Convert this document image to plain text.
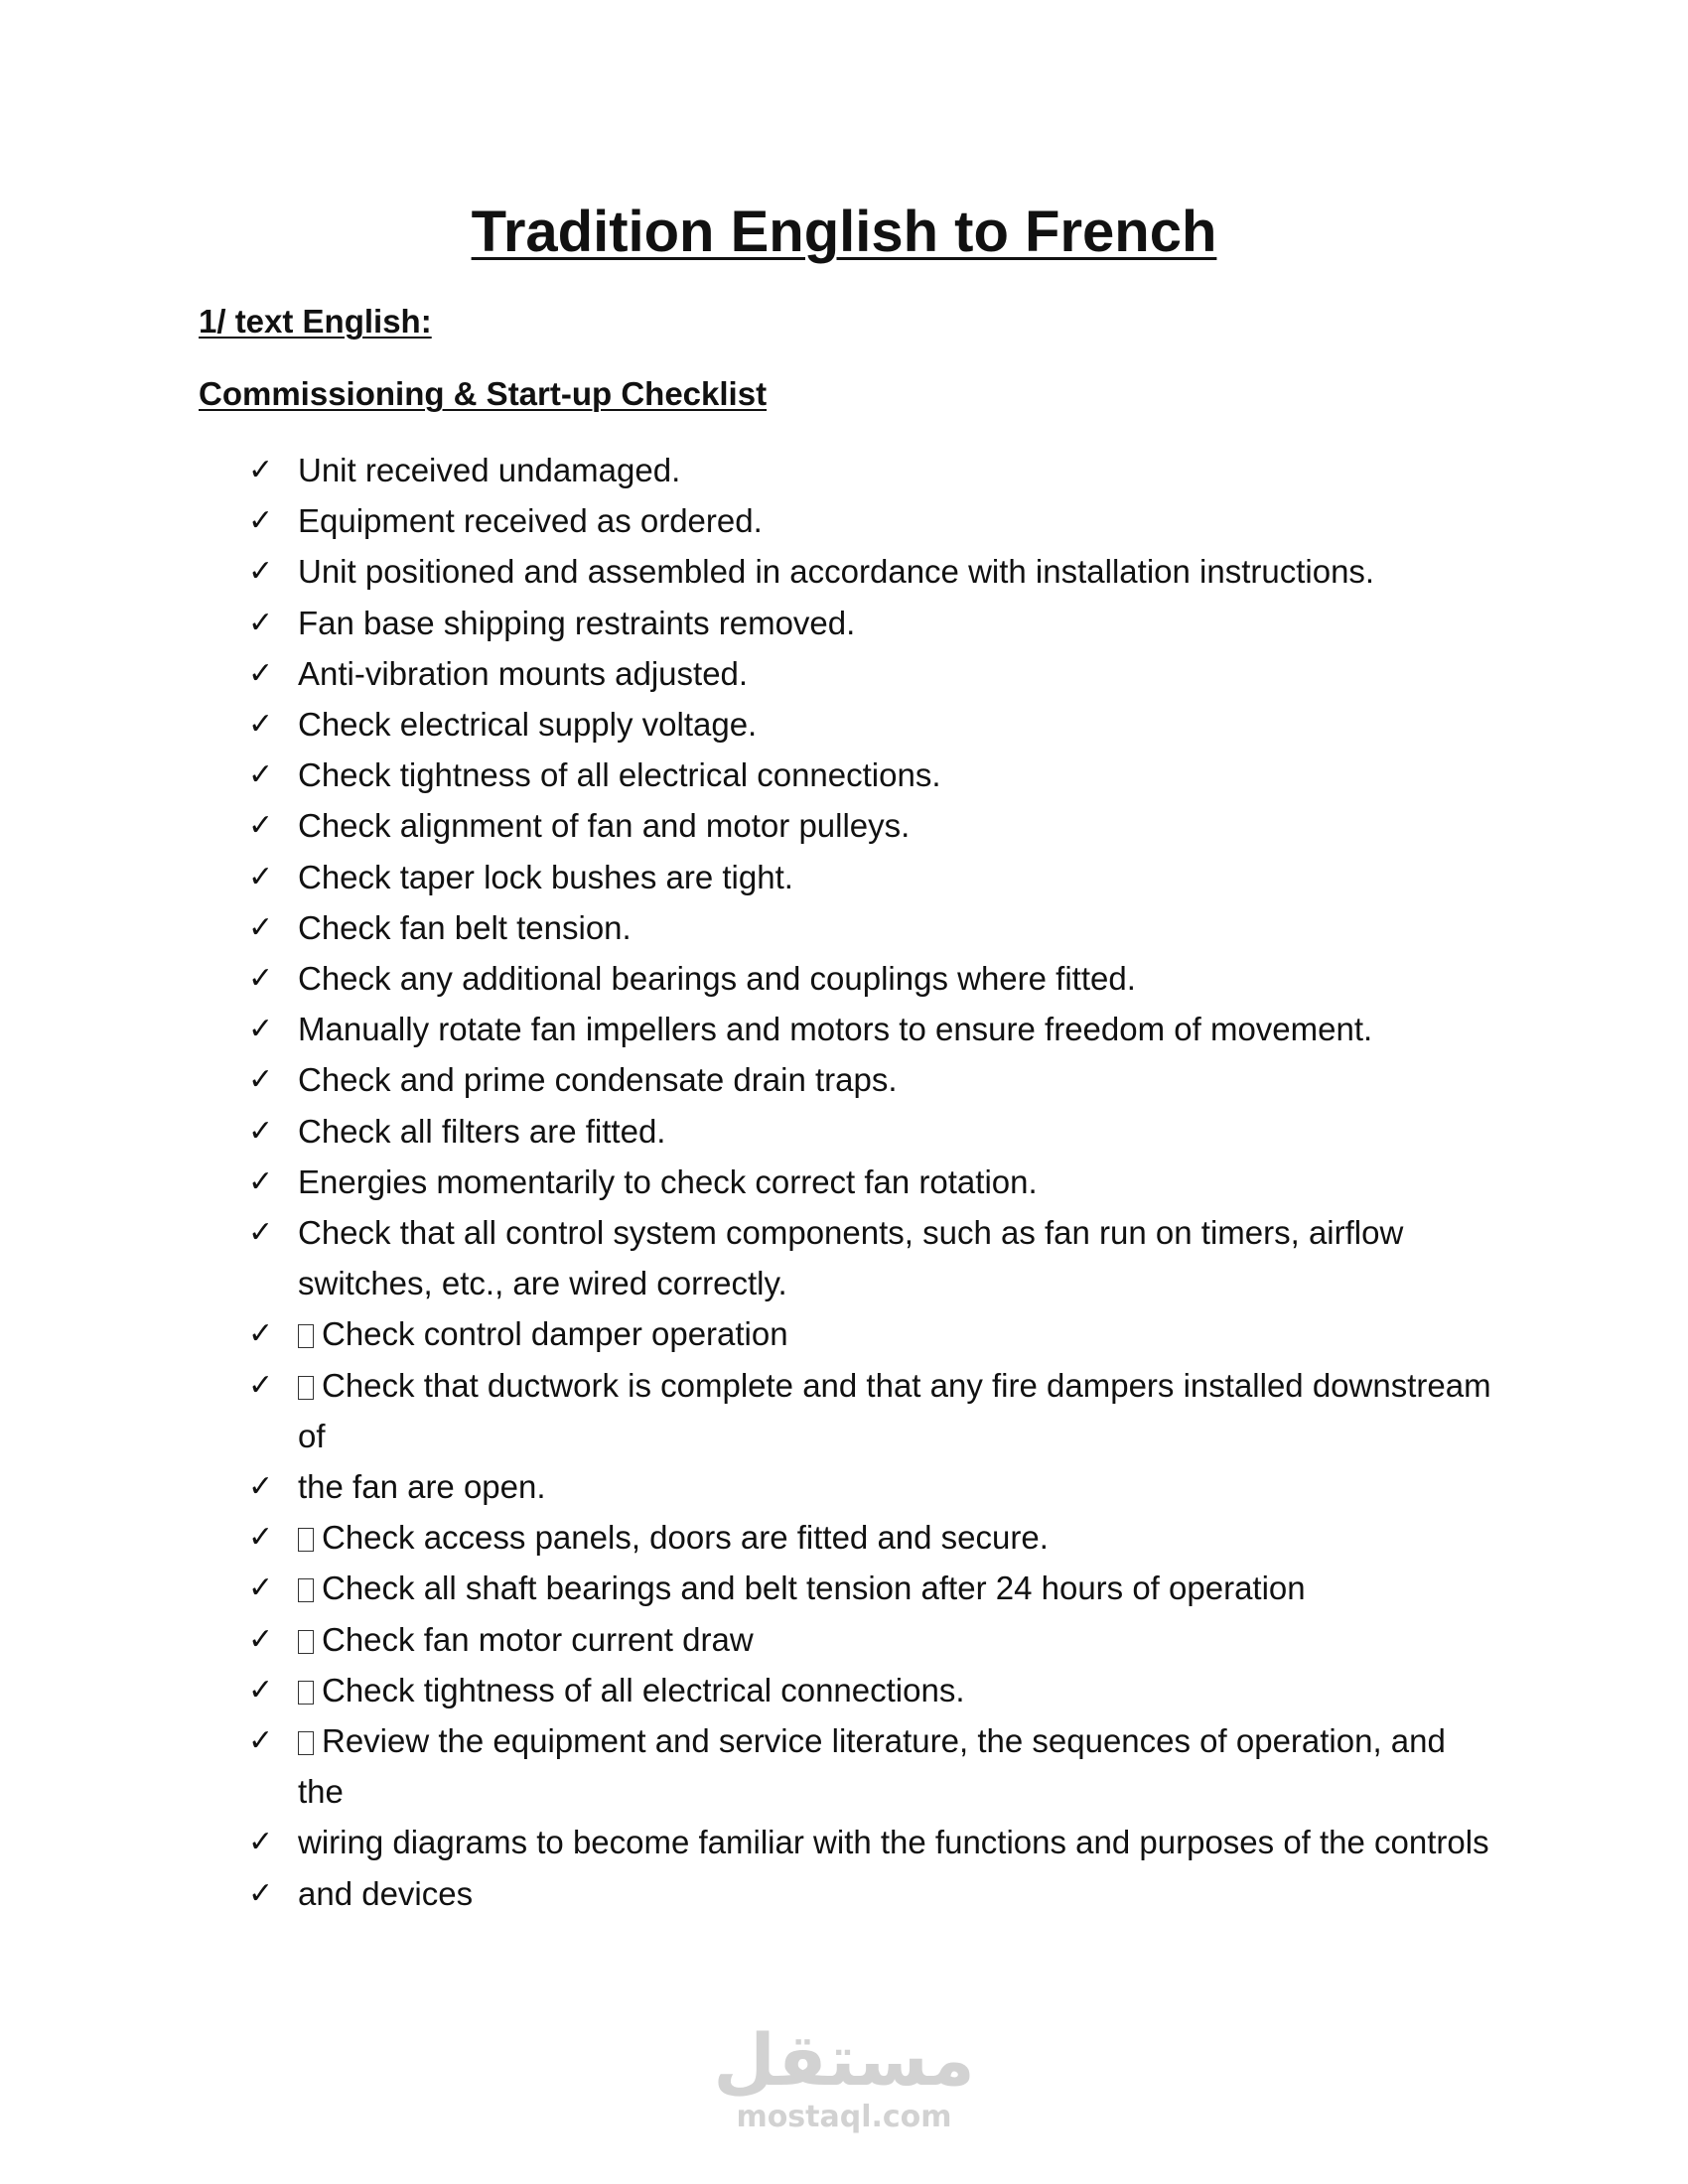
Tradition English to French

1/ text English:

Commissioning & Start-up Checklist

✓ Unit received undamaged.
✓ Equipment received as ordered.
✓ Unit positioned and assembled in accordance with installation instructions.
✓ Fan base shipping restraints removed.
✓ Anti-vibration mounts adjusted.
✓ Check electrical supply voltage.
✓ Check tightness of all electrical connections.
✓ Check alignment of fan and motor pulleys.
✓ Check taper lock bushes are tight.
✓ Check fan belt tension.
✓ Check any additional bearings and couplings where fitted.
✓ Manually rotate fan impellers and motors to ensure freedom of movement.
✓ Check and prime condensate drain traps.
✓ Check all filters are fitted.
✓ Energies momentarily to check correct fan rotation.
✓ Check that all control system components, such as fan run on timers, airflow switches, etc., are wired correctly.
✓	Check control damper operation
✓	Check that ductwork is complete and that any fire dampers installed downstream of
✓ the fan are open.
✓	Check access panels, doors are fitted and secure.
✓	Check all shaft bearings and belt tension after 24 hours of operation
✓	Check fan motor current draw
✓	Check tightness of all electrical connections.
✓	Review the equipment and service literature, the sequences of operation, and the
✓ wiring diagrams to become familiar with the functions and purposes of the controls
✓ and devices
مستقل
mostaql.com
